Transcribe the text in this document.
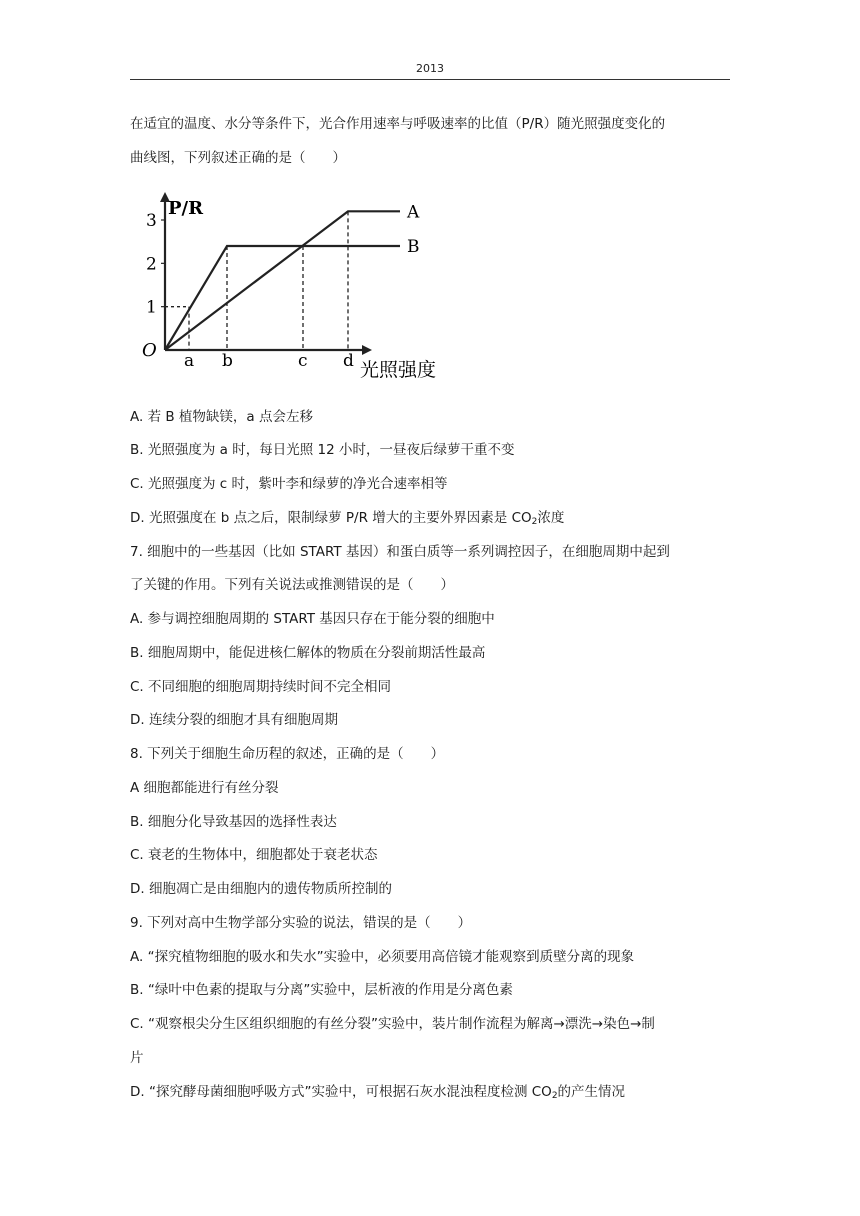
2013
在适宜的温度、水分等条件下，光合作用速率与呼吸速率的比值（P/R）随光照强度变化的
曲线图，下列叙述正确的是（　　）
A
B
1
2
3
a b	c d
P/R
光照强度
O
A. 若 B 植物缺镁，a 点会左移
B. 光照强度为 a 时，每日光照 12 小时，一昼夜后绿萝干重不变
C. 光照强度为 c 时，紫叶李和绿萝的净光合速率相等
D. 光照强度在 b 点之后，限制绿萝 P/R 增大的主要外界因素是 $CO_2$浓度
7. 细胞中的一些基因（比如 START 基因）和蛋白质等一系列调控因子，在细胞周期中起到
了关键的作用。下列有关说法或推测错误的是（　　）
A. 参与调控细胞周期的 START 基因只存在于能分裂的细胞中
B. 细胞周期中，能促进核仁解体的物质在分裂前期活性最高
C. 不同细胞的细胞周期持续时间不完全相同
D. 连续分裂的细胞才具有细胞周期
8. 下列关于细胞生命历程的叙述，正确的是（　　）
A 细胞都能进行有丝分裂
B. 细胞分化导致基因的选择性表达
C. 衰老的生物体中，细胞都处于衰老状态
D. 细胞凋亡是由细胞内的遗传物质所控制的
9. 下列对高中生物学部分实验的说法，错误的是（　　）
A. “探究植物细胞的吸水和失水”实验中，必须要用高倍镜才能观察到质壁分离的现象
B. “绿叶中色素的提取与分离”实验中，层析液的作用是分离色素
C. “观察根尖分生区组织细胞的有丝分裂”实验中，装片制作流程为解离→漂洗→染色→制
片
D. “探究酵母菌细胞呼吸方式”实验中，可根据石灰水混浊程度检测 $CO_2$的产生情况
